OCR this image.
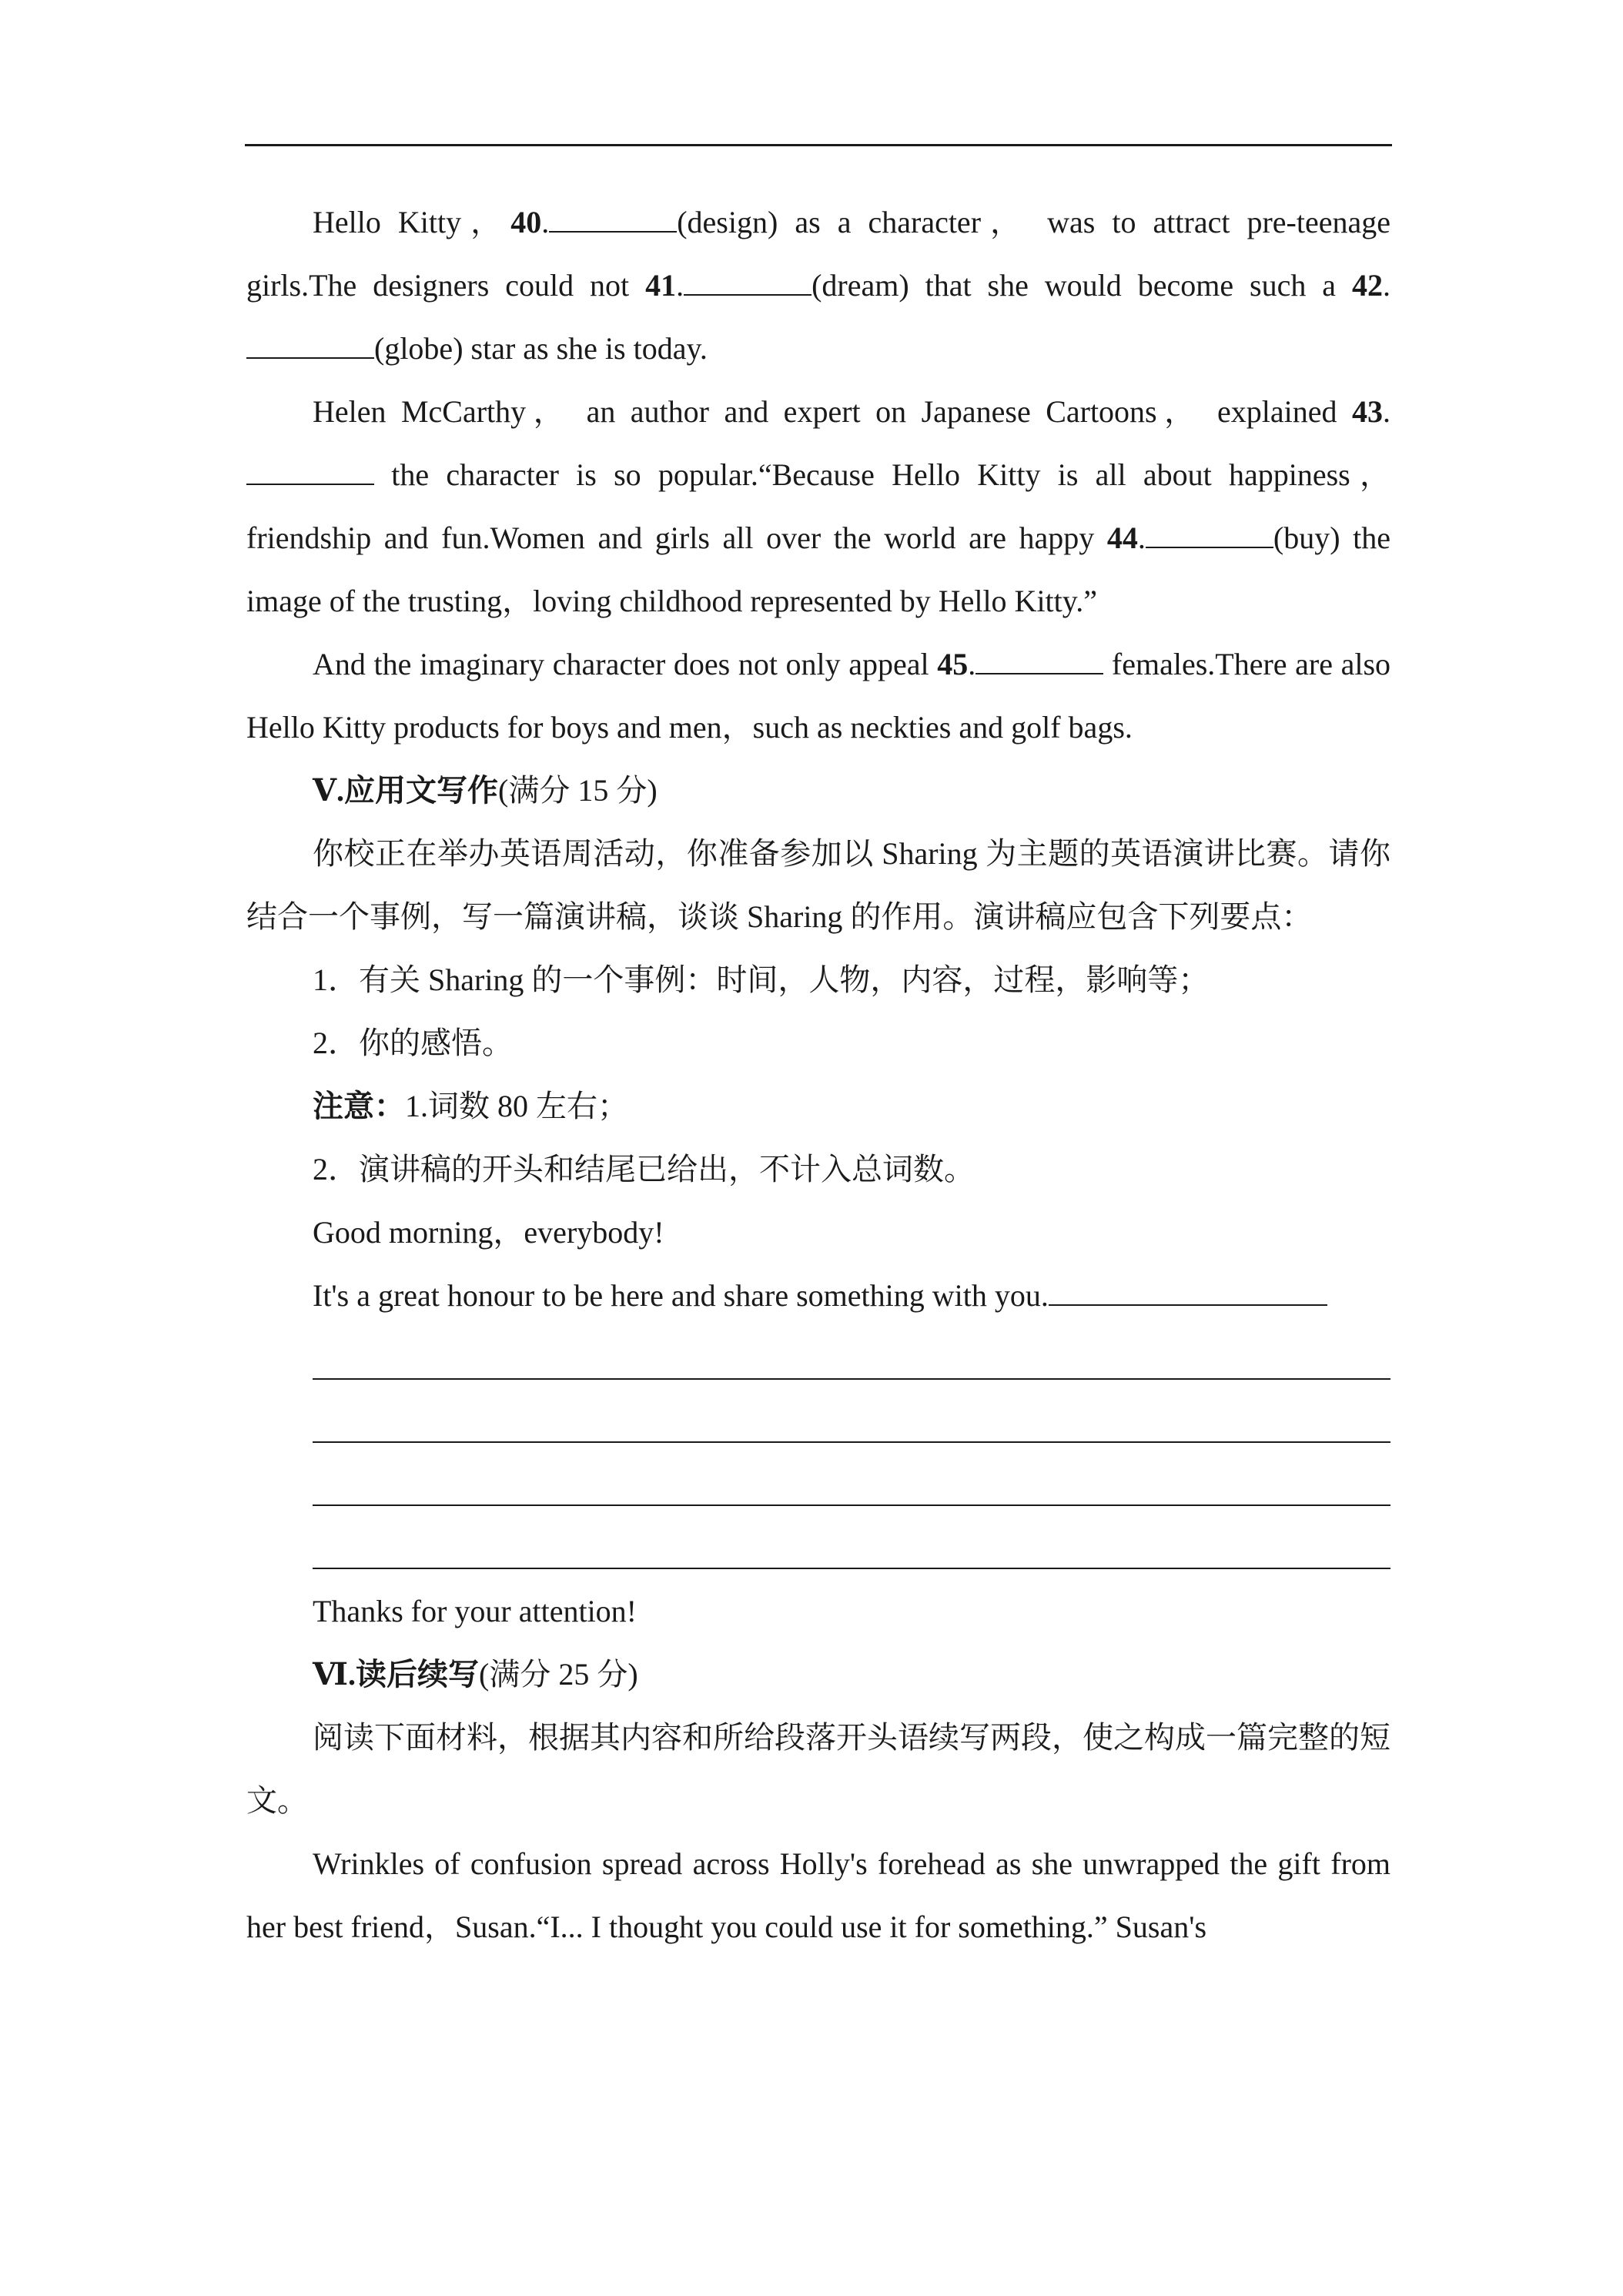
Hello Kitty，40.	(design) as a character， was to attract pre‐teenage girls.The designers could not 41.	(dream) that she would become such a 42.(globe) star as she is today.

Helen McCarthy， an author and expert on Japanese Cartoons， explained 43. the character is so popular.“Because Hello Kitty is all about happiness， friendship and fun.Women and girls all over the world are happy 44.	(buy) the image of the trusting，loving childhood represented by Hello Kitty.”

And the imaginary character does not only appeal 45.	females.There are also Hello Kitty products for boys and men，such as neckties and golf bags.

Ⅴ.应用文写作(满分 15 分)

你校正在举办英语周活动，你准备参加以 Sharing 为主题的英语演讲比赛。请你结合一个事例，写一篇演讲稿，谈谈 Sharing 的作用。演讲稿应包含下列要点：

1．有关 Sharing 的一个事例：时间，人物，内容，过程，影响等；

2．你的感悟。

注意：1.词数 80 左右；

2．演讲稿的开头和结尾已给出，不计入总词数。

Good morning，everybody!

It's a great honour to be here and share something with you.

Thanks for your attention!

Ⅵ.读后续写(满分 25 分)

阅读下面材料，根据其内容和所给段落开头语续写两段，使之构成一篇完整的短文。

Wrinkles of confusion spread across Holly's forehead as she unwrapped the gift from her best friend，Susan.“I... I thought you could use it for something.” Susan's
